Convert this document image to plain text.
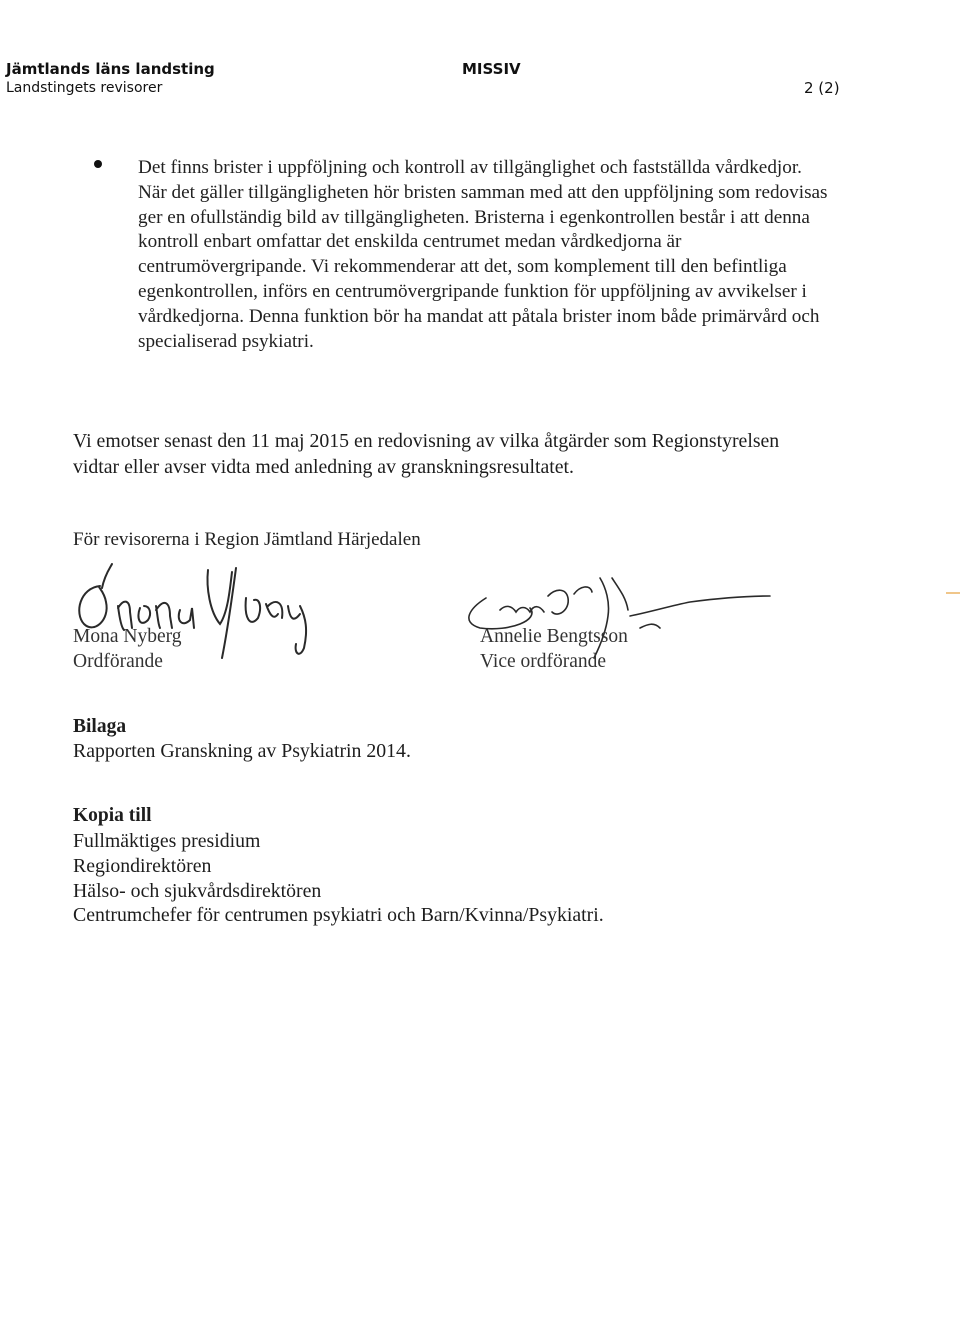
Jämtlands läns landsting
Landstingets revisorer
MISSIV
2 (2)
Det finns brister i uppföljning och kontroll av tillgänglighet och fastställda vårdkedjor. När det gäller tillgängligheten hör bristen samman med att den uppföljning som redovisas ger en ofullständig bild av tillgängligheten. Bristerna i egenkontrollen består i att denna kontroll enbart omfattar det enskilda centrumet medan vårdkedjorna är centrumövergripande. Vi rekommenderar att det, som komplement till den befintliga egenkontrollen, införs en centrumövergripande funktion för uppföljning av avvikelser i vårdkedjorna. Denna funktion bör ha mandat att påtala brister inom både primärvård och specialiserad psykiatri.
Vi emotser senast den 11 maj 2015 en redovisning av vilka åtgärder som Regionstyrelsen vidtar eller avser vidta med anledning av granskningsresultatet.
För revisorerna i Region Jämtland Härjedalen
Mona Nyberg
Ordförande
Annelie Bengtsson
Vice ordförande
Bilaga
Rapporten Granskning av Psykiatrin 2014.
Kopia till
Fullmäktiges presidium
Regiondirektören
Hälso- och sjukvårdsdirektören
Centrumchefer för centrumen psykiatri och Barn/Kvinna/Psykiatri.
